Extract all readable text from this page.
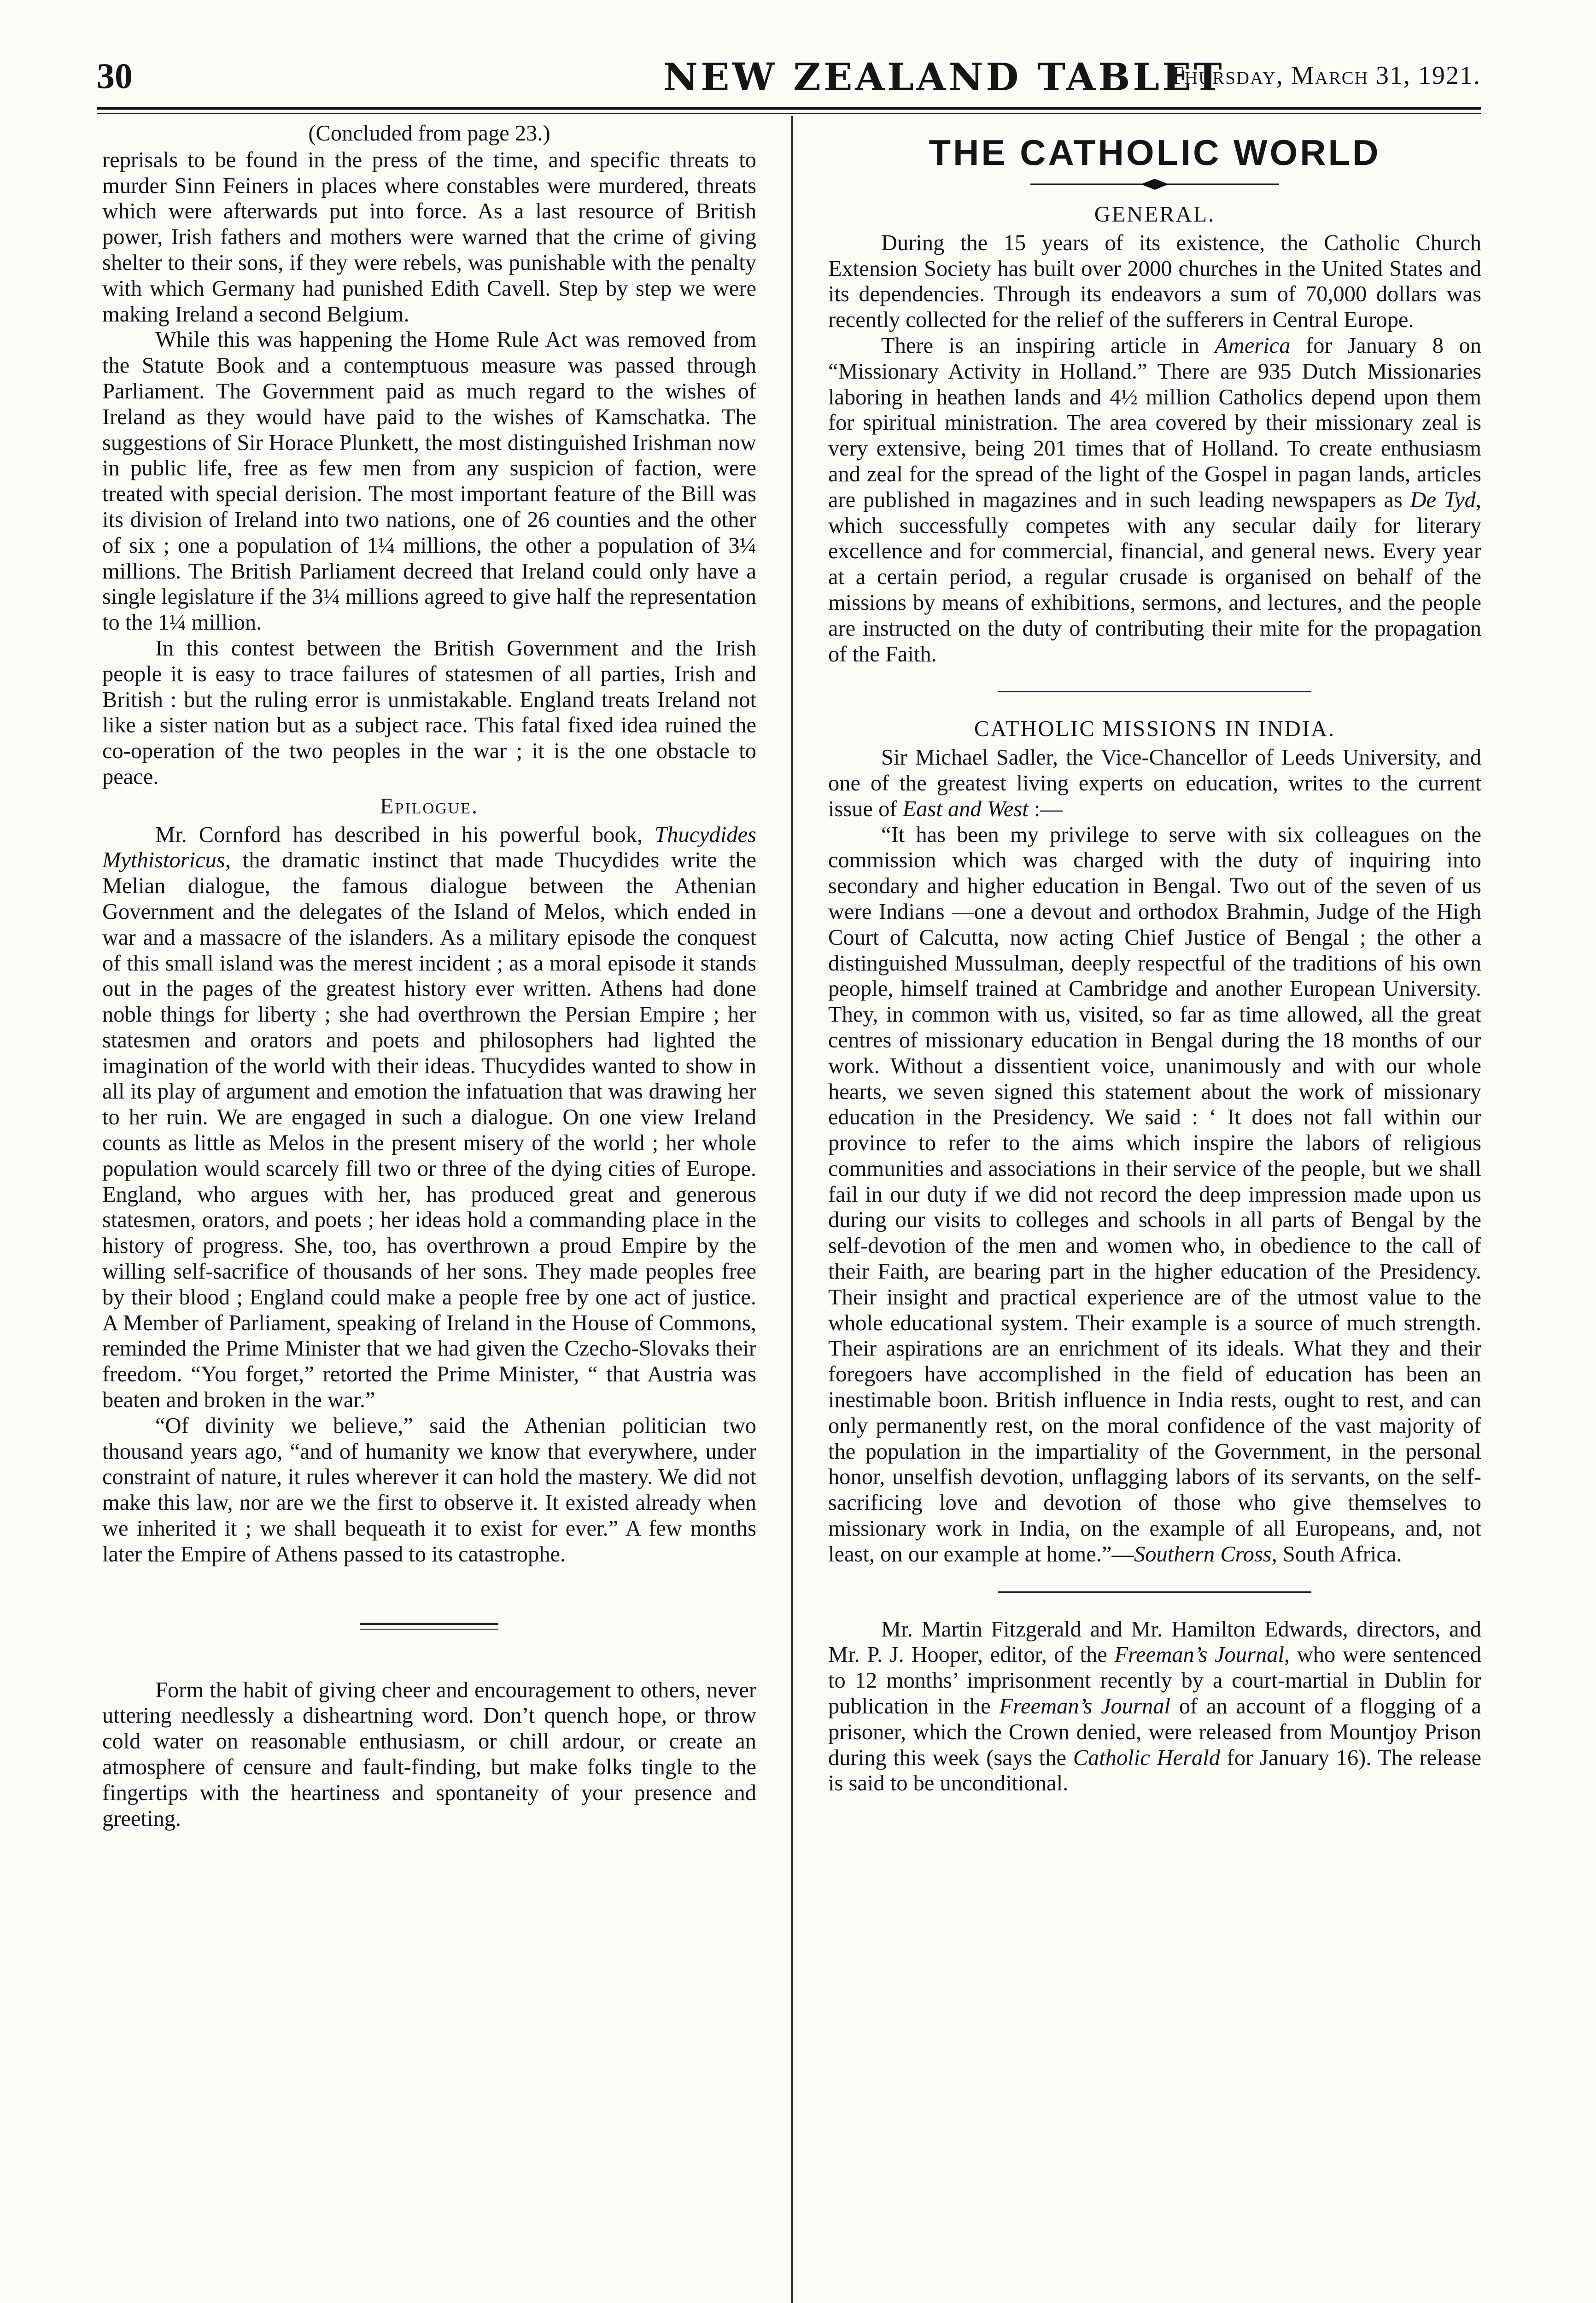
30	NEW ZEALAND TABLET
Thursday, March 31, 1921.
(Concluded from page 23.)

reprisals to be found in the press of the time, and specific threats to murder Sinn Feiners in places where constables were murdered, threats which were afterwards put into force. As a last resource of British power, Irish fathers and mothers were warned that the crime of giving shelter to their sons, if they were rebels, was punishable with the penalty with which Germany had punished Edith Cavell. Step by step we were making Ireland a second Belgium.

While this was happening the Home Rule Act was removed from the Statute Book and a contemptuous measure was passed through Parliament. The Government paid as much regard to the wishes of Ireland as they would have paid to the wishes of Kamschatka. The suggestions of Sir Horace Plunkett, the most distinguished Irishman now in public life, free as few men from any suspicion of faction, were treated with special derision. The most important feature of the Bill was its division of Ireland into two nations, one of 26 counties and the other of six ; one a population of 1¼ millions, the other a population of 3¼ millions. The British Parliament decreed that Ireland could only have a single legislature if the 3¼ millions agreed to give half the representation to the 1¼ million.

In this contest between the British Government and the Irish people it is easy to trace failures of statesmen of all parties, Irish and British : but the ruling error is unmistakable. England treats Ireland not like a sister nation but as a subject race. This fatal fixed idea ruined the co-operation of the two peoples in the war ; it is the one obstacle to peace.

Epilogue.

Mr. Cornford has described in his powerful book, Thucydides Mythistoricus, the dramatic instinct that made Thucydides write the Melian dialogue, the famous dialogue between the Athenian Government and the delegates of the Island of Melos, which ended in war and a massacre of the islanders. As a military episode the conquest of this small island was the merest incident ; as a moral episode it stands out in the pages of the greatest history ever written. Athens had done noble things for liberty ; she had overthrown the Persian Empire ; her statesmen and orators and poets and philosophers had lighted the imagination of the world with their ideas. Thucydides wanted to show in all its play of argument and emotion the infatuation that was drawing her to her ruin. We are engaged in such a dialogue. On one view Ireland counts as little as Melos in the present misery of the world ; her whole population would scarcely fill two or three of the dying cities of Europe. England, who argues with her, has produced great and generous statesmen, orators, and poets ; her ideas hold a commanding place in the history of progress. She, too, has overthrown a proud Empire by the willing self-sacrifice of thousands of her sons. They made peoples free by their blood ; England could make a people free by one act of justice. A Member of Parliament, speaking of Ireland in the House of Commons, reminded the Prime Minister that we had given the Czecho-Slovaks their freedom. “You forget,” retorted the Prime Minister, “ that Austria was beaten and broken in the war.”

“Of divinity we believe,” said the Athenian politician two thousand years ago, “and of humanity we know that everywhere, under constraint of nature, it rules wherever it can hold the mastery. We did not make this law, nor are we the first to observe it. It existed already when we inherited it ; we shall bequeath it to exist for ever.” A few months later the Empire of Athens passed to its catastrophe.

Form the habit of giving cheer and encouragement to others, never uttering needlessly a disheartning word. Don’t quench hope, or throw cold water on reasonable enthusiasm, or chill ardour, or create an atmosphere of censure and fault-finding, but make folks tingle to the fingertips with the heartiness and spontaneity of your presence and greeting.

THE CATHOLIC WORLD
GENERAL.

During the 15 years of its existence, the Catholic Church Extension Society has built over 2000 churches in the United States and its dependencies. Through its endeavors a sum of 70,000 dollars was recently collected for the relief of the sufferers in Central Europe.

There is an inspiring article in America for January 8 on “Missionary Activity in Holland.” There are 935 Dutch Missionaries laboring in heathen lands and 4½ million Catholics depend upon them for spiritual ministration. The area covered by their missionary zeal is very extensive, being 201 times that of Holland. To create enthusiasm and zeal for the spread of the light of the Gospel in pagan lands, articles are published in magazines and in such leading newspapers as De Tyd, which successfully competes with any secular daily for literary excellence and for commercial, financial, and general news. Every year at a certain period, a regular crusade is organised on behalf of the missions by means of exhibitions, sermons, and lectures, and the people are instructed on the duty of contributing their mite for the propagation of the Faith.

CATHOLIC MISSIONS IN INDIA.

Sir Michael Sadler, the Vice-Chancellor of Leeds University, and one of the greatest living experts on education, writes to the current issue of East and West :—

“It has been my privilege to serve with six colleagues on the commission which was charged with the duty of inquiring into secondary and higher education in Bengal. Two out of the seven of us were Indians —one a devout and orthodox Brahmin, Judge of the High Court of Calcutta, now acting Chief Justice of Bengal ; the other a distinguished Mussulman, deeply respectful of the traditions of his own people, himself trained at Cambridge and another European University. They, in common with us, visited, so far as time allowed, all the great centres of missionary education in Bengal during the 18 months of our work. Without a dissentient voice, unanimously and with our whole hearts, we seven signed this statement about the work of missionary education in the Presidency. We said : ‘ It does not fall within our province to refer to the aims which inspire the labors of religious communities and associations in their service of the people, but we shall fail in our duty if we did not record the deep impression made upon us during our visits to colleges and schools in all parts of Bengal by the self-devotion of the men and women who, in obedience to the call of their Faith, are bearing part in the higher education of the Presidency. Their insight and practical experience are of the utmost value to the whole educational system. Their example is a source of much strength. Their aspirations are an enrichment of its ideals. What they and their foregoers have accomplished in the field of education has been an inestimable boon. British influence in India rests, ought to rest, and can only permanently rest, on the moral confidence of the vast majority of the population in the impartiality of the Government, in the personal honor, unselfish devotion, unflagging labors of its servants, on the self-sacrificing love and devotion of those who give themselves to missionary work in India, on the example of all Europeans, and, not least, on our example at home.”—Southern Cross, South Africa.

Mr. Martin Fitzgerald and Mr. Hamilton Edwards, directors, and Mr. P. J. Hooper, editor, of the Freeman’s Journal, who were sentenced to 12 months’ imprisonment recently by a court-martial in Dublin for publication in the Freeman’s Journal of an account of a flogging of a prisoner, which the Crown denied, were released from Mountjoy Prison during this week (says the Catholic Herald for January 16). The release is said to be unconditional.
